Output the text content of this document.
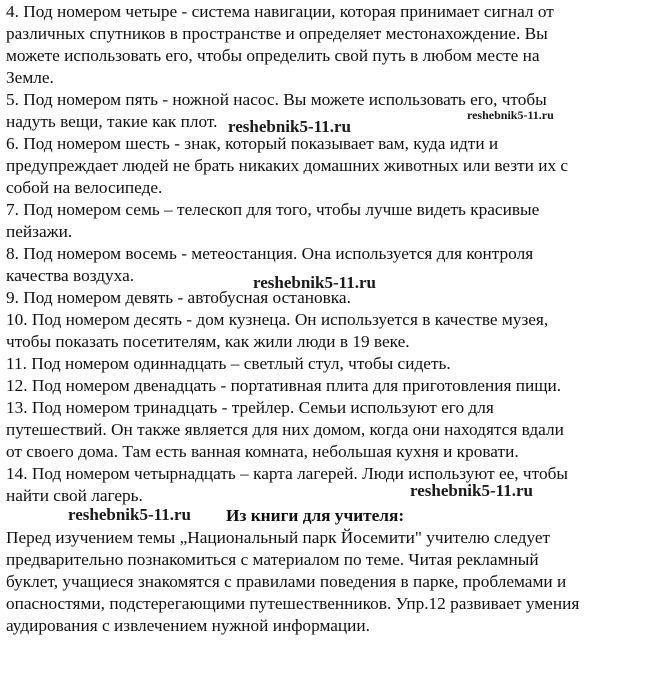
4. Под номером четыре - система навигации, которая принимает сигнал от
различных спутников в пространстве и определяет местонахождение. Вы
можете использовать его, чтобы определить свой путь в любом месте на
Земле.
5. Под номером пять - ножной насос. Вы можете использовать его, чтобы
надуть вещи, такие как плот.
6. Под номером шесть - знак, который показывает вам, куда идти и
предупреждает людей не брать никаких домашних животных или везти их с
собой на велосипеде.
7. Под номером семь – телескоп для того, чтобы лучше видеть красивые
пейзажи.
8. Под номером восемь - метеостанция. Она используется для контроля
качества воздуха.
9. Под номером девять - автобусная остановка.
10. Под номером десять - дом кузнеца. Он используется в качестве музея,
чтобы показать посетителям, как жили люди в 19 веке.
11. Под номером одиннадцать – светлый стул, чтобы сидеть.
12. Под номером двенадцать - портативная плита для приготовления пищи.
13. Под номером тринадцать - трейлер. Семьи используют его для
путешествий. Он также является для них домом, когда они находятся вдали
от своего дома. Там есть ванная комната, небольшая кухня и кровати.
14. Под номером четырнадцать – карта лагерей. Люди используют ее, чтобы
найти свой лагерь.
Из книги для учителя:
Перед изучением темы „Национальный парк Йосемити" учителю следует
предварительно познакомиться с материалом по теме. Читая рекламный
буклет, учащиеся знакомятся с правилами поведения в парке, проблемами и
опасностями, подстерегающими путешественников. Упр.12 развивает умения
аудирования с извлечением нужной информации.
reshebnik5-11.ru
reshebnik5-11.ru
reshebnik5-11.ru
reshebnik5-11.ru
reshebnik5-11.ru
